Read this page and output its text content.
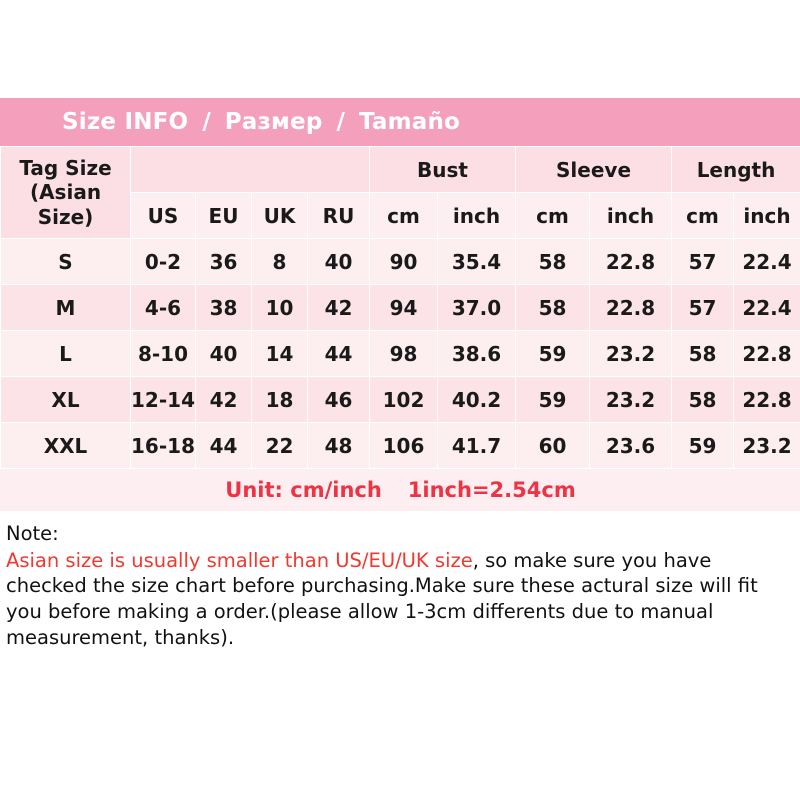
Size INFO / Размер / Tamaño
Tag Size
(Asian
Size)					Bust		Sleeve		Length	
	US	EU	UK	RU	cm	inch	cm	inch	cm	inch
S	0-2	36	8	40	90	35.4	58	22.8	57	22.4
M	4-6	38	10	42	94	37.0	58	22.8	57	22.4
L	8-10	40	14	44	98	38.6	59	23.2	58	22.8
XL	12-14	42	18	46	102	40.2	59	23.2	58	22.8
XXL	16-18	44	22	48	106	41.7	60	23.6	59	23.2
Unit: cm/inch 1inch=2.54cm
Note:
Asian size is usually smaller than US/EU/UK size, so make sure you have checked the size chart before purchasing.Make sure these actural size will fit you before making a order.(please allow 1-3cm differents due to manual measurement, thanks).
